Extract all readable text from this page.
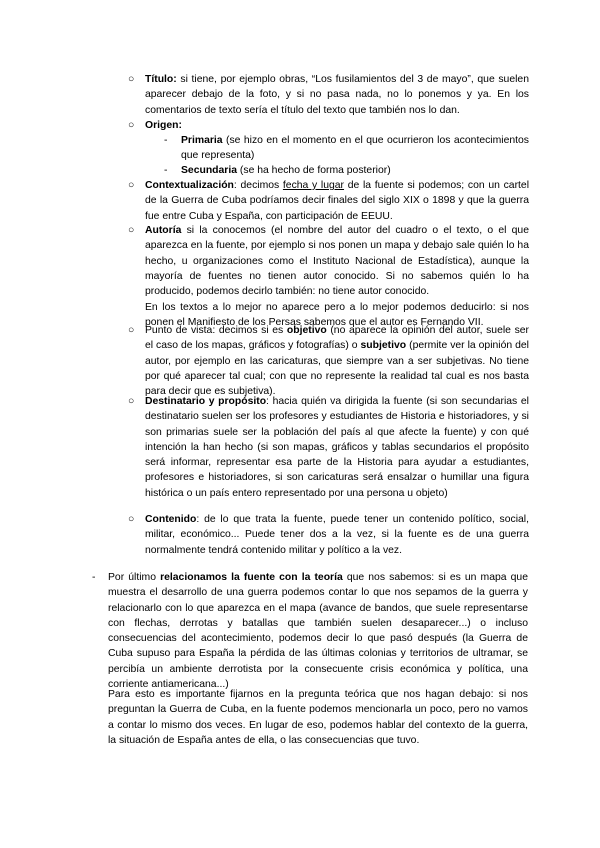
○ Título: si tiene, por ejemplo obras, “Los fusilamientos del 3 de mayo”, que suelen aparecer debajo de la foto, y si no pasa nada, no lo ponemos y ya. En los comentarios de texto sería el título del texto que también nos lo dan.
○ Origen:
- Primaria (se hizo en el momento en el que ocurrieron los acontecimientos que representa)
- Secundaria (se ha hecho de forma posterior)
○ Contextualización: decimos fecha y lugar de la fuente si podemos; con un cartel de la Guerra de Cuba podríamos decir finales del siglo XIX o 1898 y que la guerra fue entre Cuba y España, con participación de EEUU.
○ Autoría si la conocemos (el nombre del autor del cuadro o el texto, o el que aparezca en la fuente, por ejemplo si nos ponen un mapa y debajo sale quién lo ha hecho, u organizaciones como el Instituto Nacional de Estadística), aunque la mayoría de fuentes no tienen autor conocido. Si no sabemos quién lo ha producido, podemos decirlo también: no tiene autor conocido.
En los textos a lo mejor no aparece pero a lo mejor podemos deducirlo: si nos ponen el Manifiesto de los Persas sabemos que el autor es Fernando VII.
○ Punto de vista: decimos si es objetivo (no aparece la opinión del autor, suele ser el caso de los mapas, gráficos y fotografías) o subjetivo (permite ver la opinión del autor, por ejemplo en las caricaturas, que siempre van a ser subjetivas. No tiene por qué aparecer tal cual; con que no represente la realidad tal cual es nos basta para decir que es subjetiva).
○ Destinatario y propósito: hacia quién va dirigida la fuente (si son secundarias el destinatario suelen ser los profesores y estudiantes de Historia e historiadores, y si son primarias suele ser la población del país al que afecte la fuente) y con qué intención la han hecho (si son mapas, gráficos y tablas secundarios el propósito será informar, representar esa parte de la Historia para ayudar a estudiantes, profesores e historiadores, si son caricaturas será ensalzar o humillar una figura histórica o un país entero representado por una persona u objeto)
○ Contenido: de lo que trata la fuente, puede tener un contenido político, social, militar, económico... Puede tener dos a la vez, si la fuente es de una guerra normalmente tendrá contenido militar y político a la vez.
- Por último relacionamos la fuente con la teoría que nos sabemos: si es un mapa que muestra el desarrollo de una guerra podemos contar lo que nos sepamos de la guerra y relacionarlo con lo que aparezca en el mapa (avance de bandos, que suele representarse con flechas, derrotas y batallas que también suelen desaparecer...) o incluso consecuencias del acontecimiento, podemos decir lo que pasó después (la Guerra de Cuba supuso para España la pérdida de las últimas colonias y territorios de ultramar, se percibía un ambiente derrotista por la consecuente crisis económica y política, una corriente antiamericana...)
Para esto es importante fijarnos en la pregunta teórica que nos hagan debajo: si nos preguntan la Guerra de Cuba, en la fuente podemos mencionarla un poco, pero no vamos a contar lo mismo dos veces. En lugar de eso, podemos hablar del contexto de la guerra, la situación de España antes de ella, o las consecuencias que tuvo.
